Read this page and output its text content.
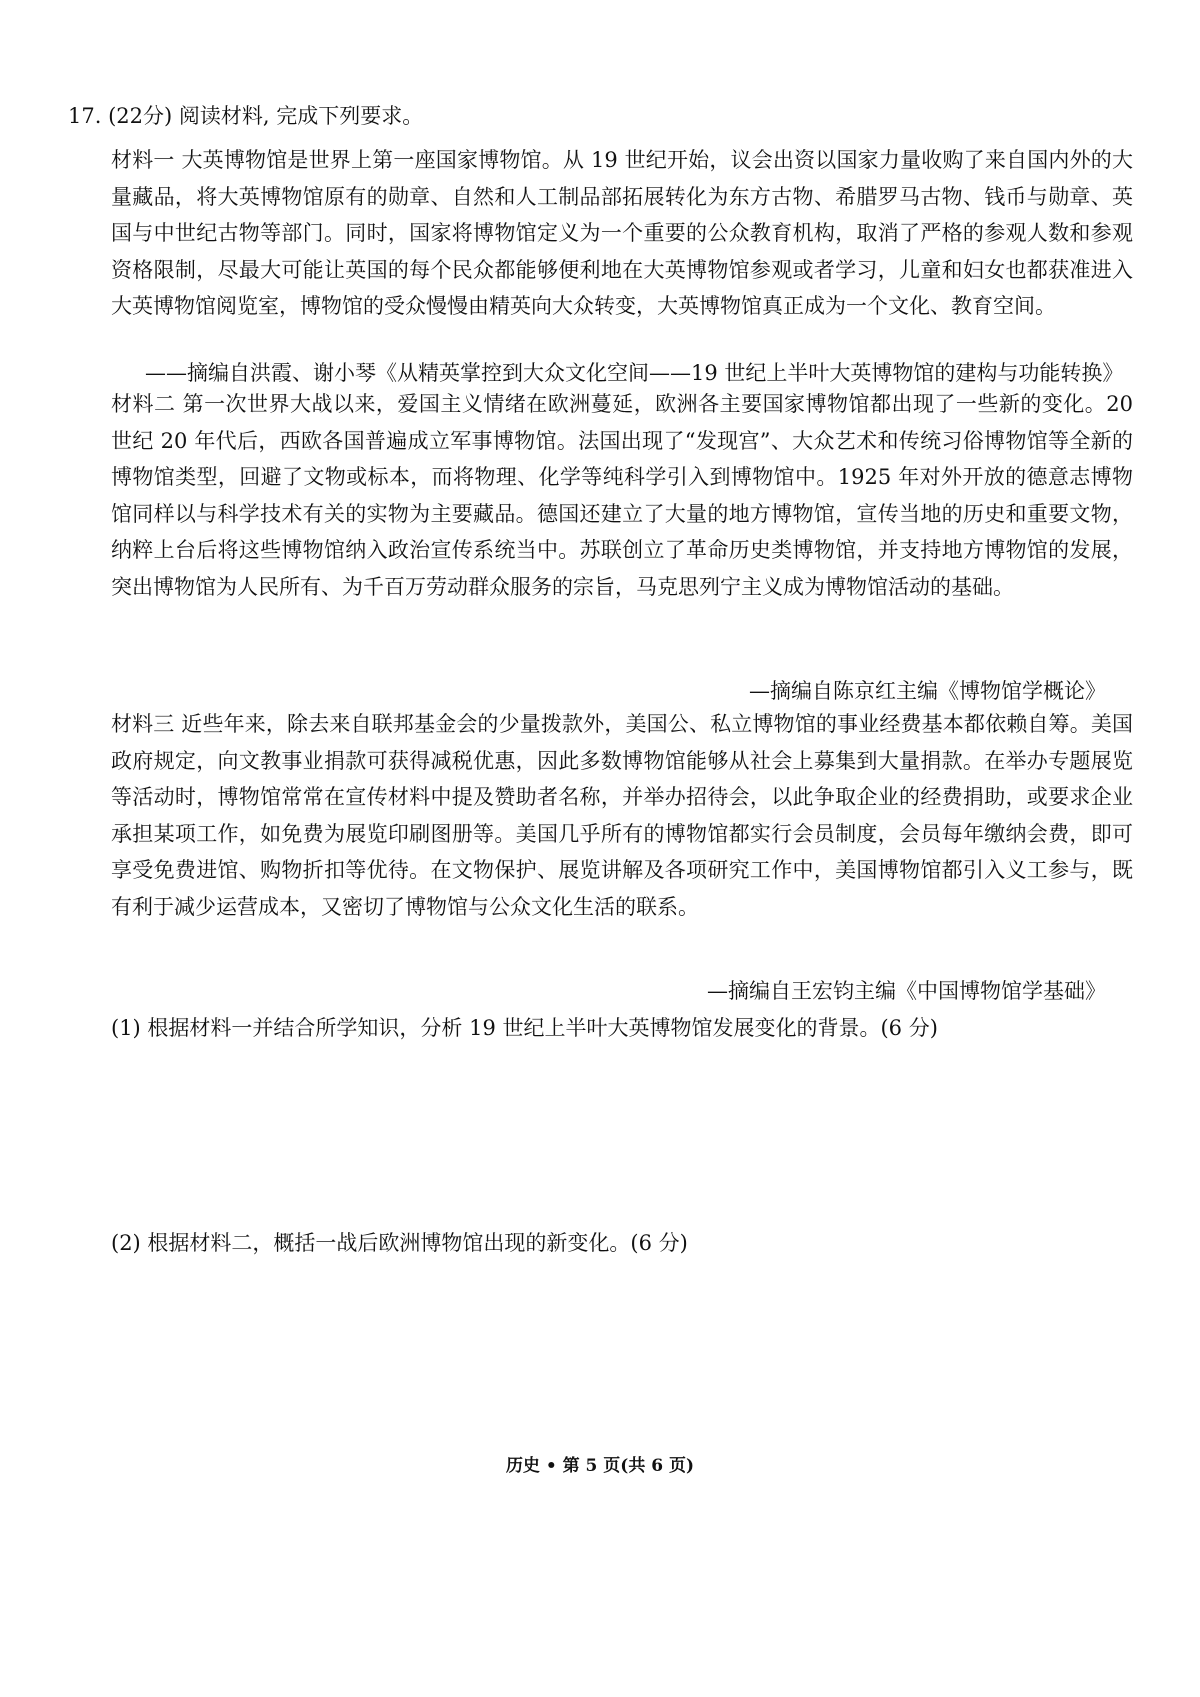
17. (22分) 阅读材料, 完成下列要求。
材料一 大英博物馆是世界上第一座国家博物馆。从 19 世纪开始，议会出资以国家力量收购了来自国内外的大量藏品，将大英博物馆原有的勋章、自然和人工制品部拓展转化为东方古物、希腊罗马古物、钱币与勋章、英国与中世纪古物等部门。同时，国家将博物馆定义为一个重要的公众教育机构，取消了严格的参观人数和参观资格限制，尽最大可能让英国的每个民众都能够便利地在大英博物馆参观或者学习，儿童和妇女也都获准进入大英博物馆阅览室，博物馆的受众慢慢由精英向大众转变，大英博物馆真正成为一个文化、教育空间。
——摘编自洪霞、谢小琴《从精英掌控到大众文化空间——19 世纪上半叶大英博物馆的建构与功能转换》
材料二 第一次世界大战以来，爱国主义情绪在欧洲蔓延，欧洲各主要国家博物馆都出现了一些新的变化。20 世纪 20 年代后，西欧各国普遍成立军事博物馆。法国出现了“发现宫”、大众艺术和传统习俗博物馆等全新的博物馆类型，回避了文物或标本，而将物理、化学等纯科学引入到博物馆中。1925 年对外开放的德意志博物馆同样以与科学技术有关的实物为主要藏品。德国还建立了大量的地方博物馆，宣传当地的历史和重要文物，纳粹上台后将这些博物馆纳入政治宣传系统当中。苏联创立了革命历史类博物馆，并支持地方博物馆的发展，突出博物馆为人民所有、为千百万劳动群众服务的宗旨，马克思列宁主义成为博物馆活动的基础。
—摘编自陈京红主编《博物馆学概论》
材料三 近些年来，除去来自联邦基金会的少量拨款外，美国公、私立博物馆的事业经费基本都依赖自筹。美国政府规定，向文教事业捐款可获得减税优惠，因此多数博物馆能够从社会上募集到大量捐款。在举办专题展览等活动时，博物馆常常在宣传材料中提及赞助者名称，并举办招待会，以此争取企业的经费捐助，或要求企业承担某项工作，如免费为展览印刷图册等。美国几乎所有的博物馆都实行会员制度，会员每年缴纳会费，即可享受免费进馆、购物折扣等优待。在文物保护、展览讲解及各项研究工作中，美国博物馆都引入义工参与，既有利于减少运营成本，又密切了博物馆与公众文化生活的联系。
—摘编自王宏钧主编《中国博物馆学基础》
(1) 根据材料一并结合所学知识，分析 19 世纪上半叶大英博物馆发展变化的背景。(6 分)
(2) 根据材料二，概括一战后欧洲博物馆出现的新变化。(6 分)
历史 • 第 5 页(共 6 页)
